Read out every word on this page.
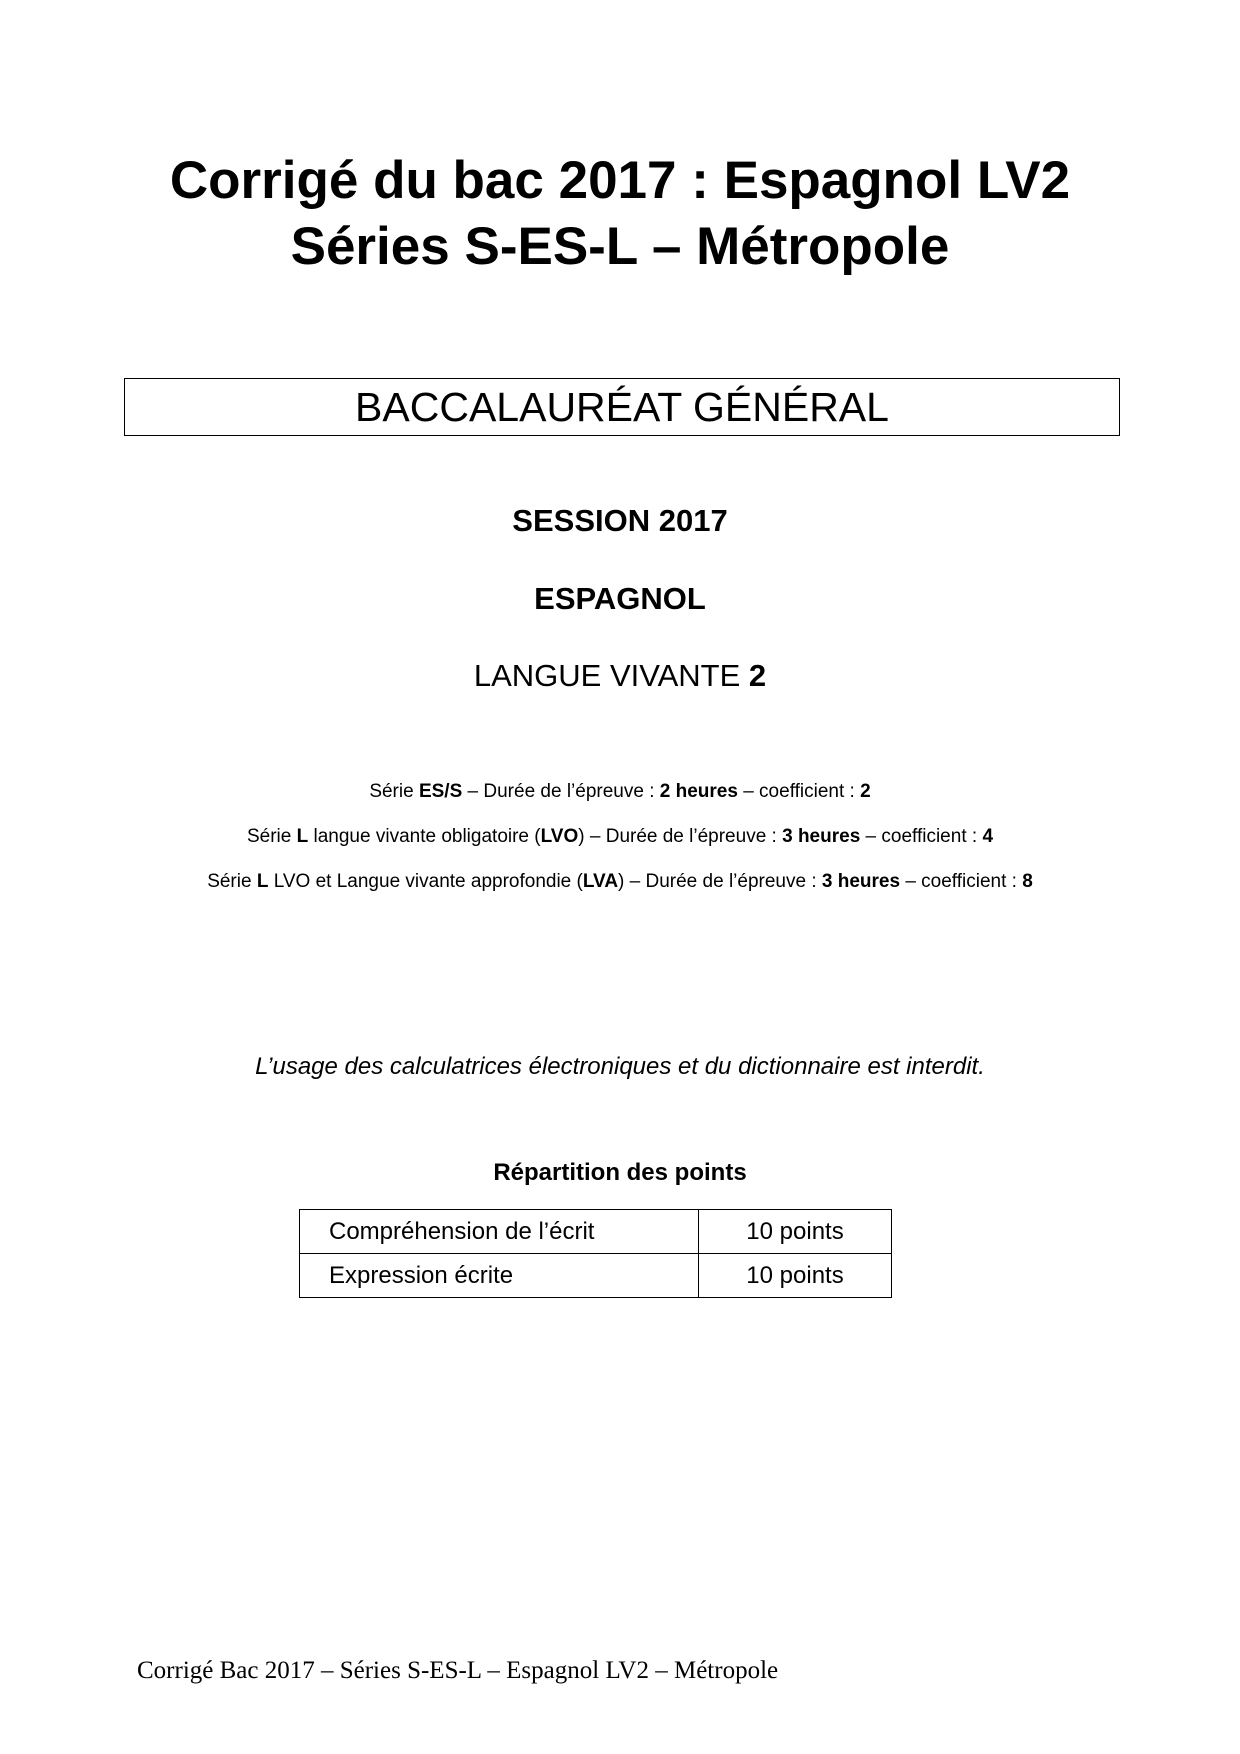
Corrigé du bac 2017 : Espagnol LV2
Séries S-ES-L – Métropole
BACCALAURÉAT GÉNÉRAL
SESSION 2017
ESPAGNOL
LANGUE VIVANTE 2
Série ES/S – Durée de l’épreuve : 2 heures – coefficient : 2
Série L langue vivante obligatoire (LVO) – Durée de l’épreuve : 3 heures – coefficient : 4
Série L LVO et Langue vivante approfondie (LVA) – Durée de l’épreuve : 3 heures – coefficient : 8
L’usage des calculatrices électroniques et du dictionnaire est interdit.
Répartition des points
Compréhension de l’écrit	10 points
Expression écrite	10 points
Corrigé Bac 2017 – Séries S-ES-L – Espagnol LV2 – Métropole
